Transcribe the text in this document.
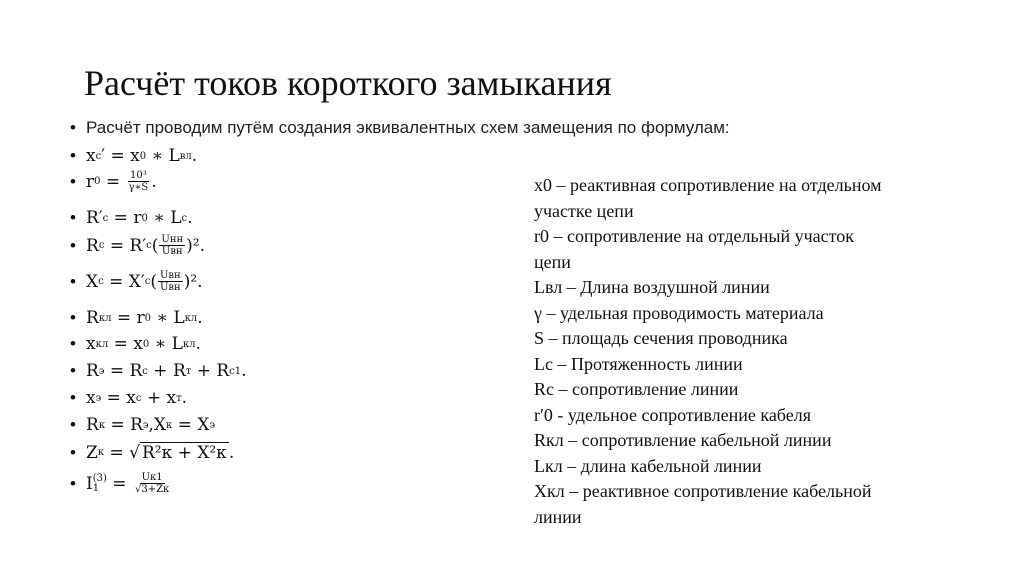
Расчёт токов короткого замыкания
• Расчёт проводим путём создания эквивалентных схем замещения по формулам:
• x c ′ = x 0 ∗ L вл .
• r $0 = \frac{\text{10³}}{\gamma∗S}$ .
• R′ c = r 0 ∗ L c .
• R c = R′ c ( $\frac{\text{Uнн}}{\text{Uвн}} )^2$.
• X c = X′ c ( $\frac{\text{Uвн}}{\text{Uвн}} )^2$.
• R кл = r 0 ∗ L кл .
• x кл = x 0 ∗ L кл .
• R э = R c + R т + R c1 .
• x э = x c + x т .
• R к = R э ,X к = X э
• Z к = √ R²к + X²к .
• I (3)
$1 = \frac{Uк1}{√3+Zк}$
x0 – реактивная сопротивление на отдельном
участке цепи
r0 – сопротивление на отдельный участок
цепи
Lвл – Длина воздушной линии
γ – удельная проводимость материала
S – площадь сечения проводника
Lc – Протяженность линии
Rc – сопротивление линии
r′0 - удельное сопротивление кабеля
Rкл – сопротивление кабельной линии
Lкл – длина кабельной линии
Xкл – реактивное сопротивление кабельной
линии
